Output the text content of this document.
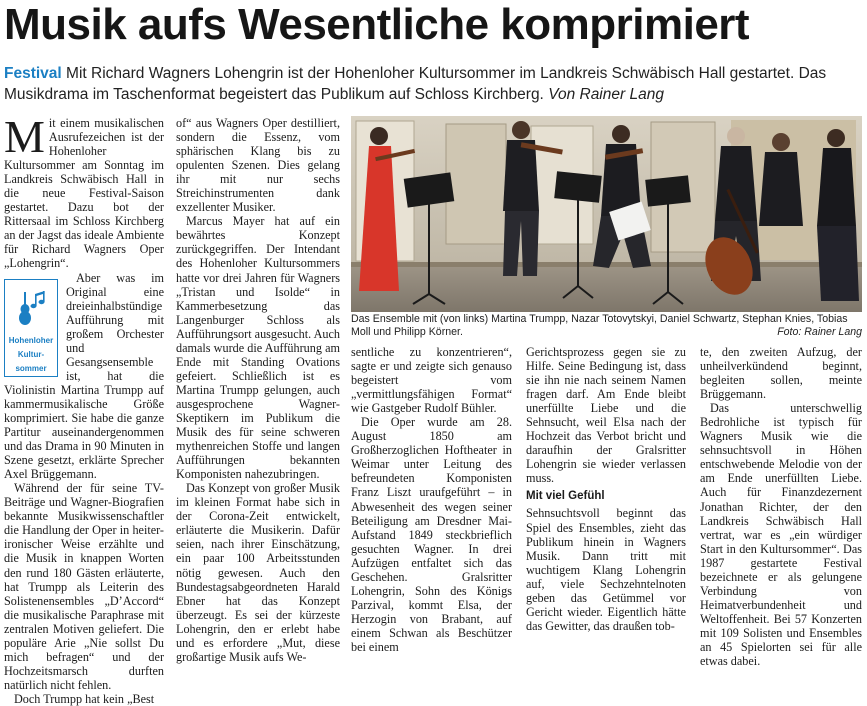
Musik aufs Wesentliche komprimiert
Festival Mit Richard Wagners Lohengrin ist der Hohenloher Kultursommer im Landkreis Schwäbisch Hall gestartet. Das Musikdrama im Taschenformat begeistert das Publikum auf Schloss Kirchberg. Von Rainer Lang

Mit einem musikalischen Ausrufezeichen ist der Hohenloher Kultursommer am Sonntag im Landkreis Schwäbisch Hall in die neue Festival-Saison gestartet. Dazu bot der Rittersaal im Schloss Kirchberg an der Jagst das ideale Ambiente für Richard Wagners Oper „Lohengrin“.

Hohenloher
Kultur-
sommer
Aber was im Original eine dreieinhalbstündige Aufführung mit großem Orchester und Gesangsensemble ist, hat die Violinistin Martina Trumpp auf kammermusikalische Größe komprimiert. Sie habe die ganze Partitur auseinandergenommen und das Drama in 90 Minuten in Szene gesetzt, erklärte Sprecher Axel Brüggemann.

Während der für seine TV-Beiträge und Wagner-Biografien bekannte Musikwissenschaftler die Handlung der Oper in heiter-ironischer Weise erzählte und die Musik in knappen Worten den rund 180 Gästen erläuterte, hat Trumpp als Leiterin des Solistenensembles „D’Accord“ die musikalische Paraphrase mit zentralen Motiven geliefert. Die populäre Arie „Nie sollst Du mich befragen“ und der Hochzeitsmarsch durften natürlich nicht fehlen.

Doch Trumpp hat kein „Best

of“ aus Wagners Oper destilliert, sondern die Essenz, vom sphärischen Klang bis zu opulenten Szenen. Dies gelang ihr mit nur sechs Streichinstrumenten dank exzellenter Musiker.

Marcus Mayer hat auf ein bewährtes Konzept zurückgegriffen. Der Intendant des Hohenloher Kultursommers hatte vor drei Jahren für Wagners „Tristan und Isolde“ in Kammerbesetzung das Langenburger Schloss als Aufführungsort ausgesucht. Auch damals wurde die Aufführung am Ende mit Standing Ovations gefeiert. Schließlich ist es Martina Trumpp gelungen, auch ausgesprochene Wagner-Skeptikern im Publikum die Musik des für seine schweren mythenreichen Stoffe und langen Aufführungen bekannten Komponisten nahezubringen.

Das Konzept von großer Musik im kleinen Format habe sich in der Corona-Zeit entwickelt, erläuterte die Musikerin. Dafür seien, nach ihrer Einschätzung, ein paar 100 Arbeitsstunden nötig gewesen. Auch den Bundestagsabgeordneten Harald Ebner hat das Konzept überzeugt. Es sei der kürzeste Lohengrin, den er erlebt habe und es erfordere „Mut, diese großartige Musik aufs We-

Das Ensemble mit (von links) Martina Trumpp, Nazar Totovytskyi, Daniel Schwartz, Stephan Knies, Tobias Moll und Philipp Körner.	Foto: Rainer Lang

sentliche zu konzentrieren“, sagte er und zeigte sich genauso begeistert vom „vermittlungsfähigen Format“ wie Gastgeber Rudolf Bühler.

Die Oper wurde am 28. August 1850 am Großherzoglichen Hoftheater in Weimar unter Leitung des befreundeten Komponisten Franz Liszt uraufgeführt – in Abwesenheit des wegen seiner Beteiligung am Dresdner Mai-Aufstand 1849 steckbrieflich gesuchten Wagner. In drei Aufzügen entfaltet sich das Geschehen. Gralsritter Lohengrin, Sohn des Königs Parzival, kommt Elsa, der Herzogin von Brabant, auf einem Schwan als Beschützer bei einem

Gerichtsprozess gegen sie zu Hilfe. Seine Bedingung ist, dass sie ihn nie nach seinem Namen fragen darf. Am Ende bleibt unerfüllte Liebe und die Sehnsucht, weil Elsa nach der Hochzeit das Verbot bricht und daraufhin der Gralsritter Lohengrin sie wieder verlassen muss.

Mit viel Gefühl

Sehnsuchtsvoll beginnt das Spiel des Ensembles, zieht das Publikum hinein in Wagners Musik. Dann tritt mit wuchtigem Klang Lohengrin auf, viele Sechzehntelnoten geben das Getümmel vor Gericht wieder. Eigentlich hätte das Gewitter, das draußen tob-

te, den zweiten Aufzug, der unheilverkündend beginnt, begleiten sollen, meinte Brüggemann.

Das unterschwellig Bedrohliche ist typisch für Wagners Musik wie die sehnsuchtsvoll in Höhen entschwebende Melodie von der am Ende unerfüllten Liebe. Auch für Finanzdezernent Jonathan Richter, der den Landkreis Schwäbisch Hall vertrat, war es „ein würdiger Start in den Kultursommer“. Das 1987 gestartete Festival bezeichnete er als gelungene Verbindung von Heimatverbundenheit und Weltoffenheit. Bei 57 Konzerten mit 109 Solisten und Ensembles an 45 Spielorten sei für alle etwas dabei.
